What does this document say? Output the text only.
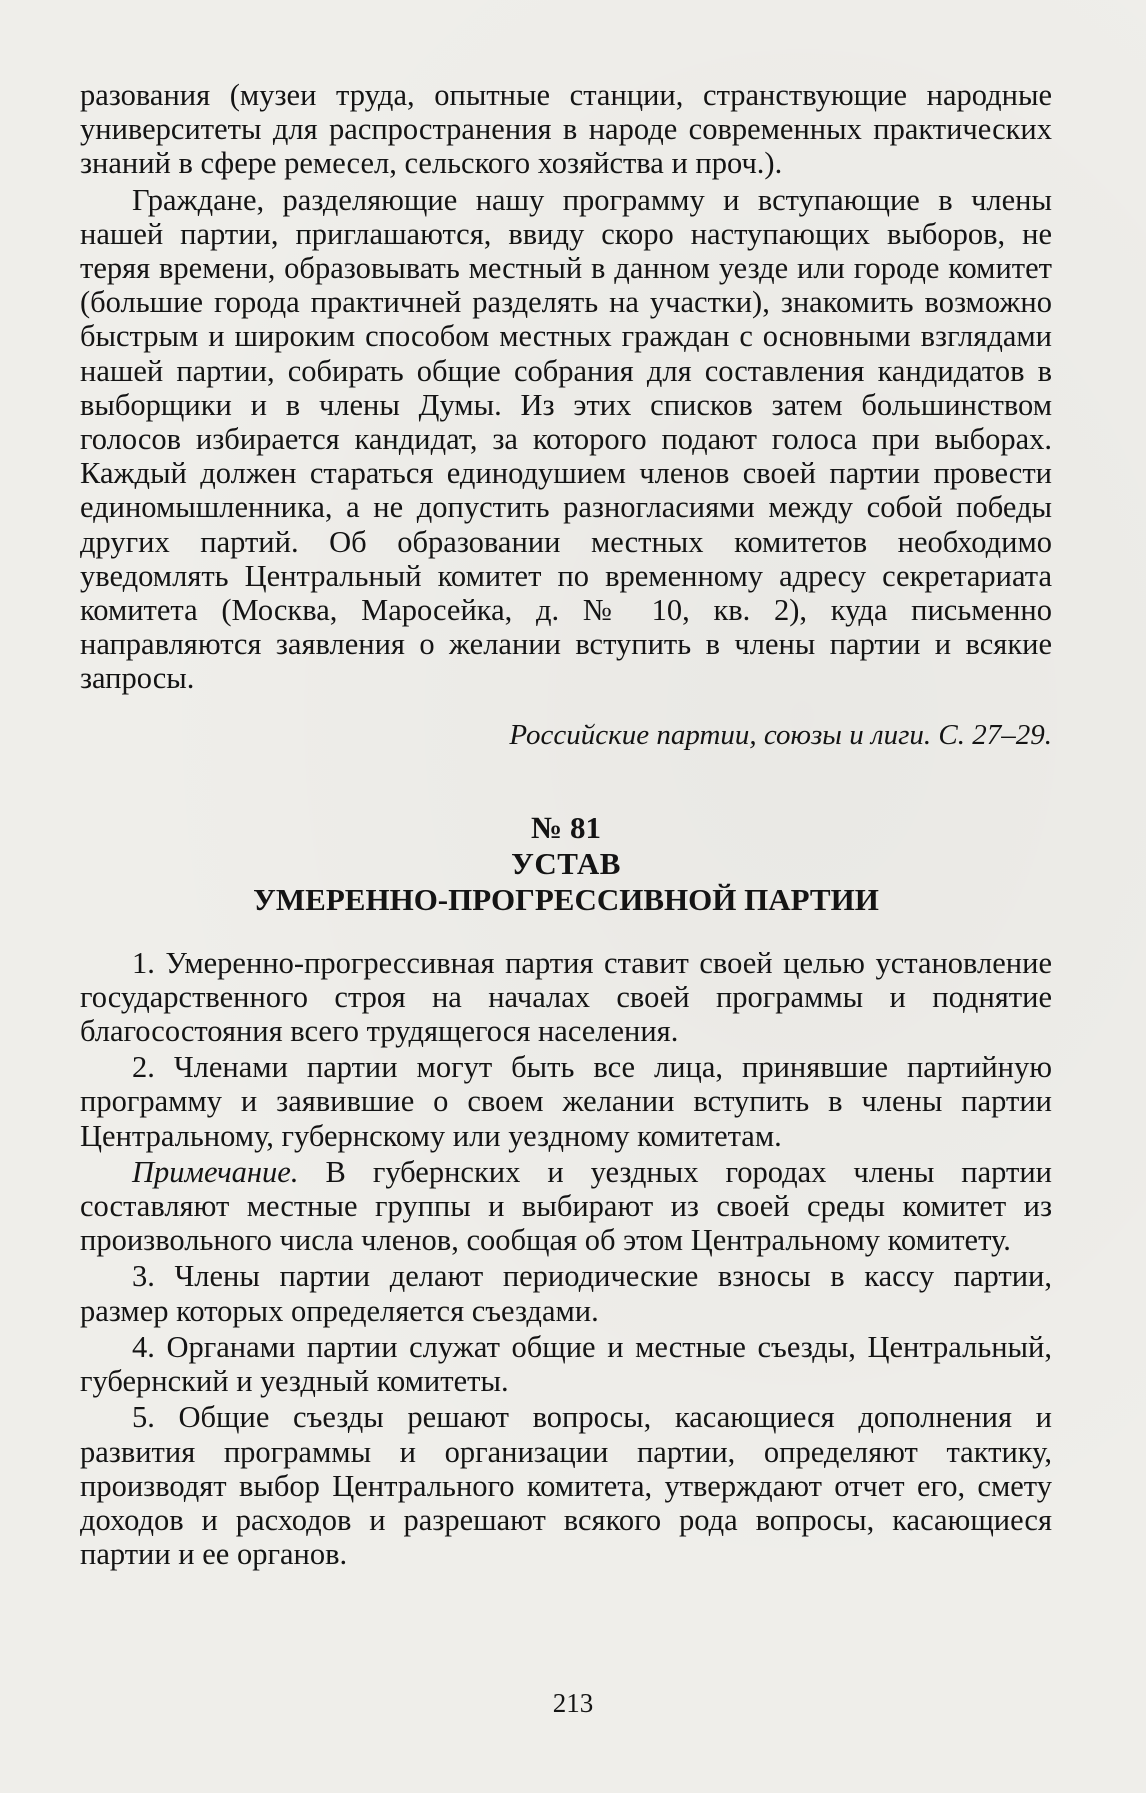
разования (музеи труда, опытные станции, странствующие народные университеты для распространения в народе современных практических знаний в сфере ремесел, сельского хозяйства и проч.).

Граждане, разделяющие нашу программу и вступающие в члены нашей партии, приглашаются, ввиду скоро наступающих выборов, не теряя времени, образовывать местный в данном уезде или городе комитет (большие города практичней разделять на участки), знакомить возможно быстрым и широким способом местных граждан с основными взглядами нашей партии, собирать общие собрания для составления кандидатов в выборщики и в члены Думы. Из этих списков затем большинством голосов избирается кандидат, за которого подают голоса при выборах. Каждый должен стараться единодушием членов своей партии провести единомышленника, а не допустить разногласиями между собой победы других партий. Об образовании местных комитетов необходимо уведомлять Центральный комитет по временному адресу секретариата комитета (Москва, Маросейка, д. № 10, кв. 2), куда письменно направляются заявления о желании вступить в члены партии и всякие запросы.

Российские партии, союзы и лиги. С. 27–29.

№ 81
УСТАВ
УМЕРЕННО-ПРОГРЕССИВНОЙ ПАРТИИ

1. Умеренно-прогрессивная партия ставит своей целью установление государственного строя на началах своей программы и поднятие благосостояния всего трудящегося населения.

2. Членами партии могут быть все лица, принявшие партийную программу и заявившие о своем желании вступить в члены партии Центральному, губернскому или уездному комитетам.

Примечание. В губернских и уездных городах члены партии составляют местные группы и выбирают из своей среды комитет из произвольного числа членов, сообщая об этом Центральному комитету.

3. Члены партии делают периодические взносы в кассу партии, размер которых определяется съездами.

4. Органами партии служат общие и местные съезды, Центральный, губернский и уездный комитеты.

5. Общие съезды решают вопросы, касающиеся дополнения и развития программы и организации партии, определяют тактику, производят выбор Центрального комитета, утверждают отчет его, смету доходов и расходов и разрешают всякого рода вопросы, касающиеся партии и ее органов.

213
